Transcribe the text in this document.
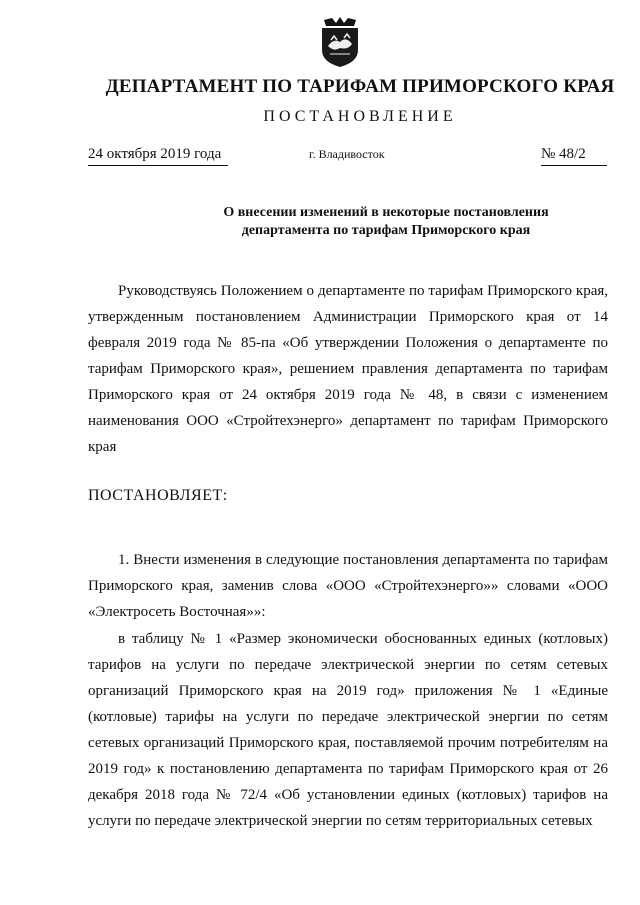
ДЕПАРТАМЕНТ ПО ТАРИФАМ ПРИМОРСКОГО КРАЯ
ПОСТАНОВЛЕНИЕ
24 октября 2019 года	г. Владивосток	№ 48/2
О внесении изменений в некоторые постановления
департамента по тарифам Приморского края
Руководствуясь Положением о департаменте по тарифам Приморского края, утвержденным постановлением Администрации Приморского края от 14 февраля 2019 года № 85-па «Об утверждении Положения о департаменте по тарифам Приморского края», решением правления департамента по тарифам Приморского края от 24 октября 2019 года № 48, в связи с изменением наименования ООО «Стройтехэнерго» департамент по тарифам Приморского края
ПОСТАНОВЛЯЕТ:
1. Внести изменения в следующие постановления департамента по тарифам Приморского края, заменив слова «ООО «Стройтехэнерго»» словами «ООО «Электросеть Восточная»»:
в таблицу № 1 «Размер экономически обоснованных единых (котловых) тарифов на услуги по передаче электрической энергии по сетям сетевых организаций Приморского края на 2019 год» приложения № 1 «Единые (котловые) тарифы на услуги по передаче электрической энергии по сетям сетевых организаций Приморского края, поставляемой прочим потребителям на 2019 год» к постановлению департамента по тарифам Приморского края от 26 декабря 2018 года № 72/4 «Об установлении единых (котловых) тарифов на услуги по передаче электрической энергии по сетям территориальных сетевых
